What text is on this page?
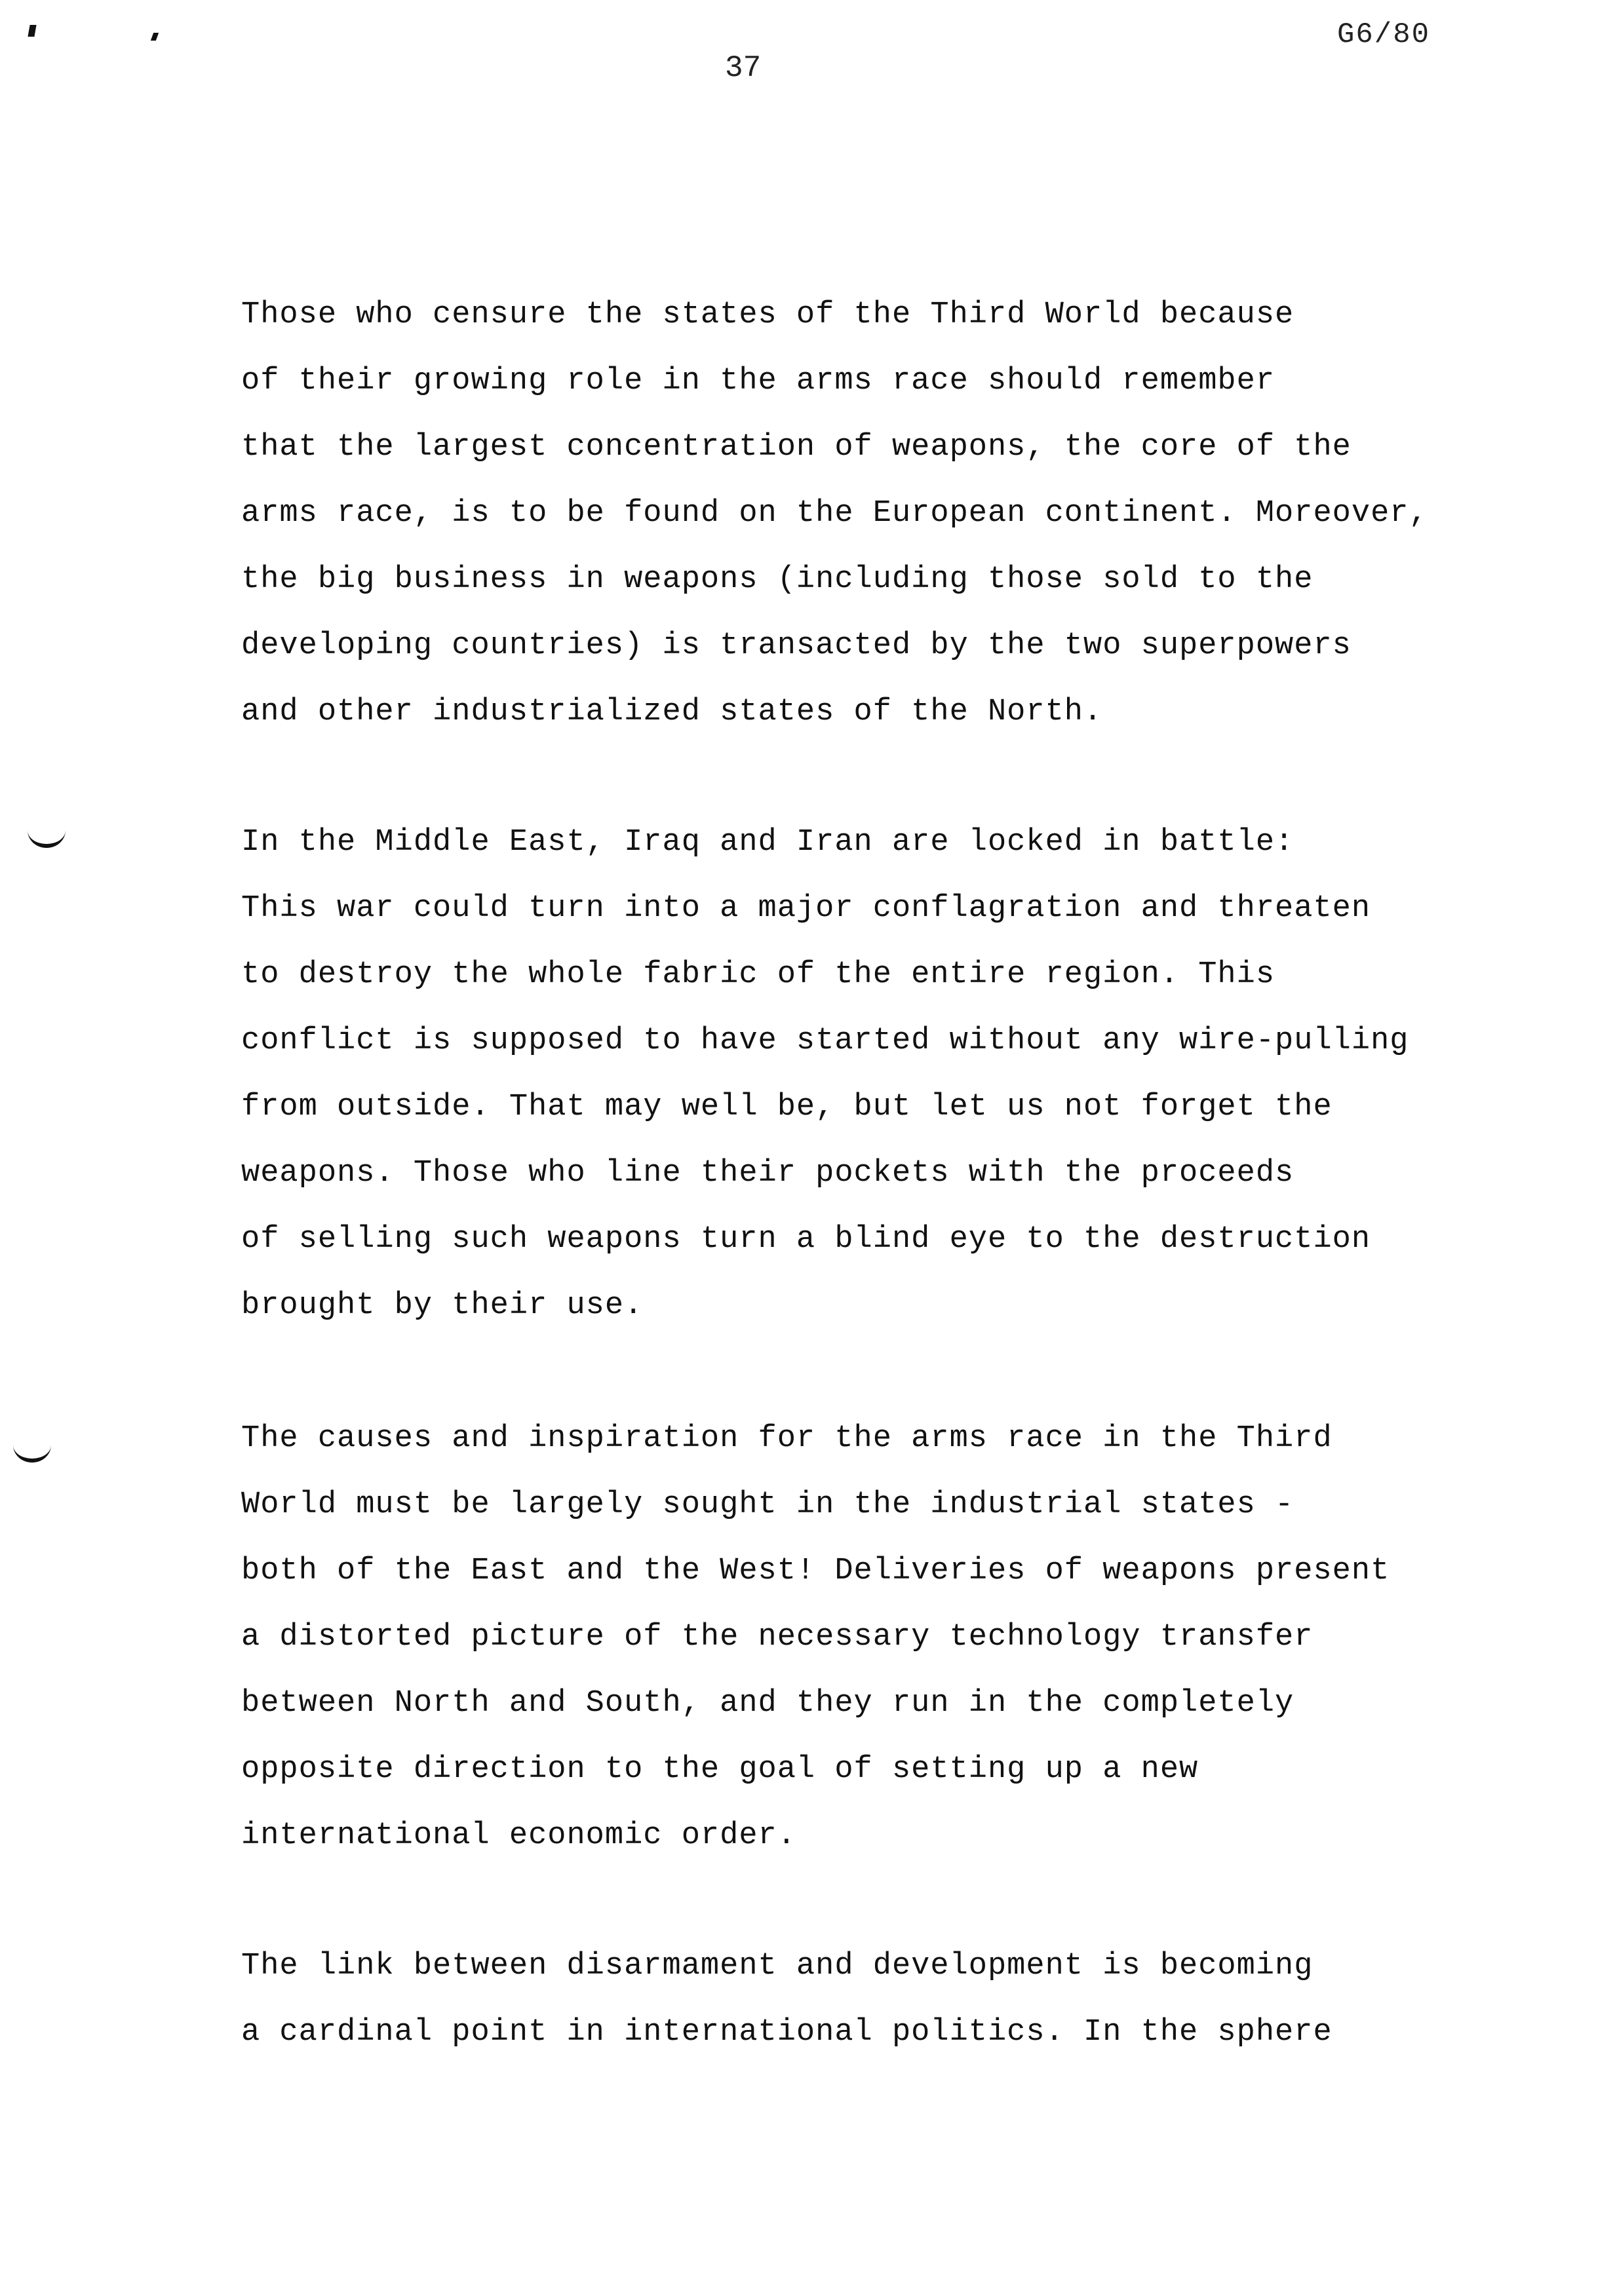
G6/80
37
Those who censure the states of the Third World because
of their growing role in the arms race should remember
that the largest concentration of weapons, the core of the
arms race, is to be found on the European continent. Moreover,
the big business in weapons (including those sold to the
developing countries) is transacted by the two superpowers
and other industrialized states of the North.
In the Middle East, Iraq and Iran are locked in battle:
This war could turn into a major conflagration and threaten
to destroy the whole fabric of the entire region. This
conflict is supposed to have started without any wire-pulling
from outside. That may well be, but let us not forget the
weapons. Those who line their pockets with the proceeds
of selling such weapons turn a blind eye to the destruction
brought by their use.
The causes and inspiration for the arms race in the Third
World must be largely sought in the industrial states -
both of the East and the West! Deliveries of weapons present
a distorted picture of the necessary technology transfer
between North and South, and they run in the completely
opposite direction to the goal of setting up a new
international economic order.
The link between disarmament and development is becoming
a cardinal point in international politics. In the sphere
